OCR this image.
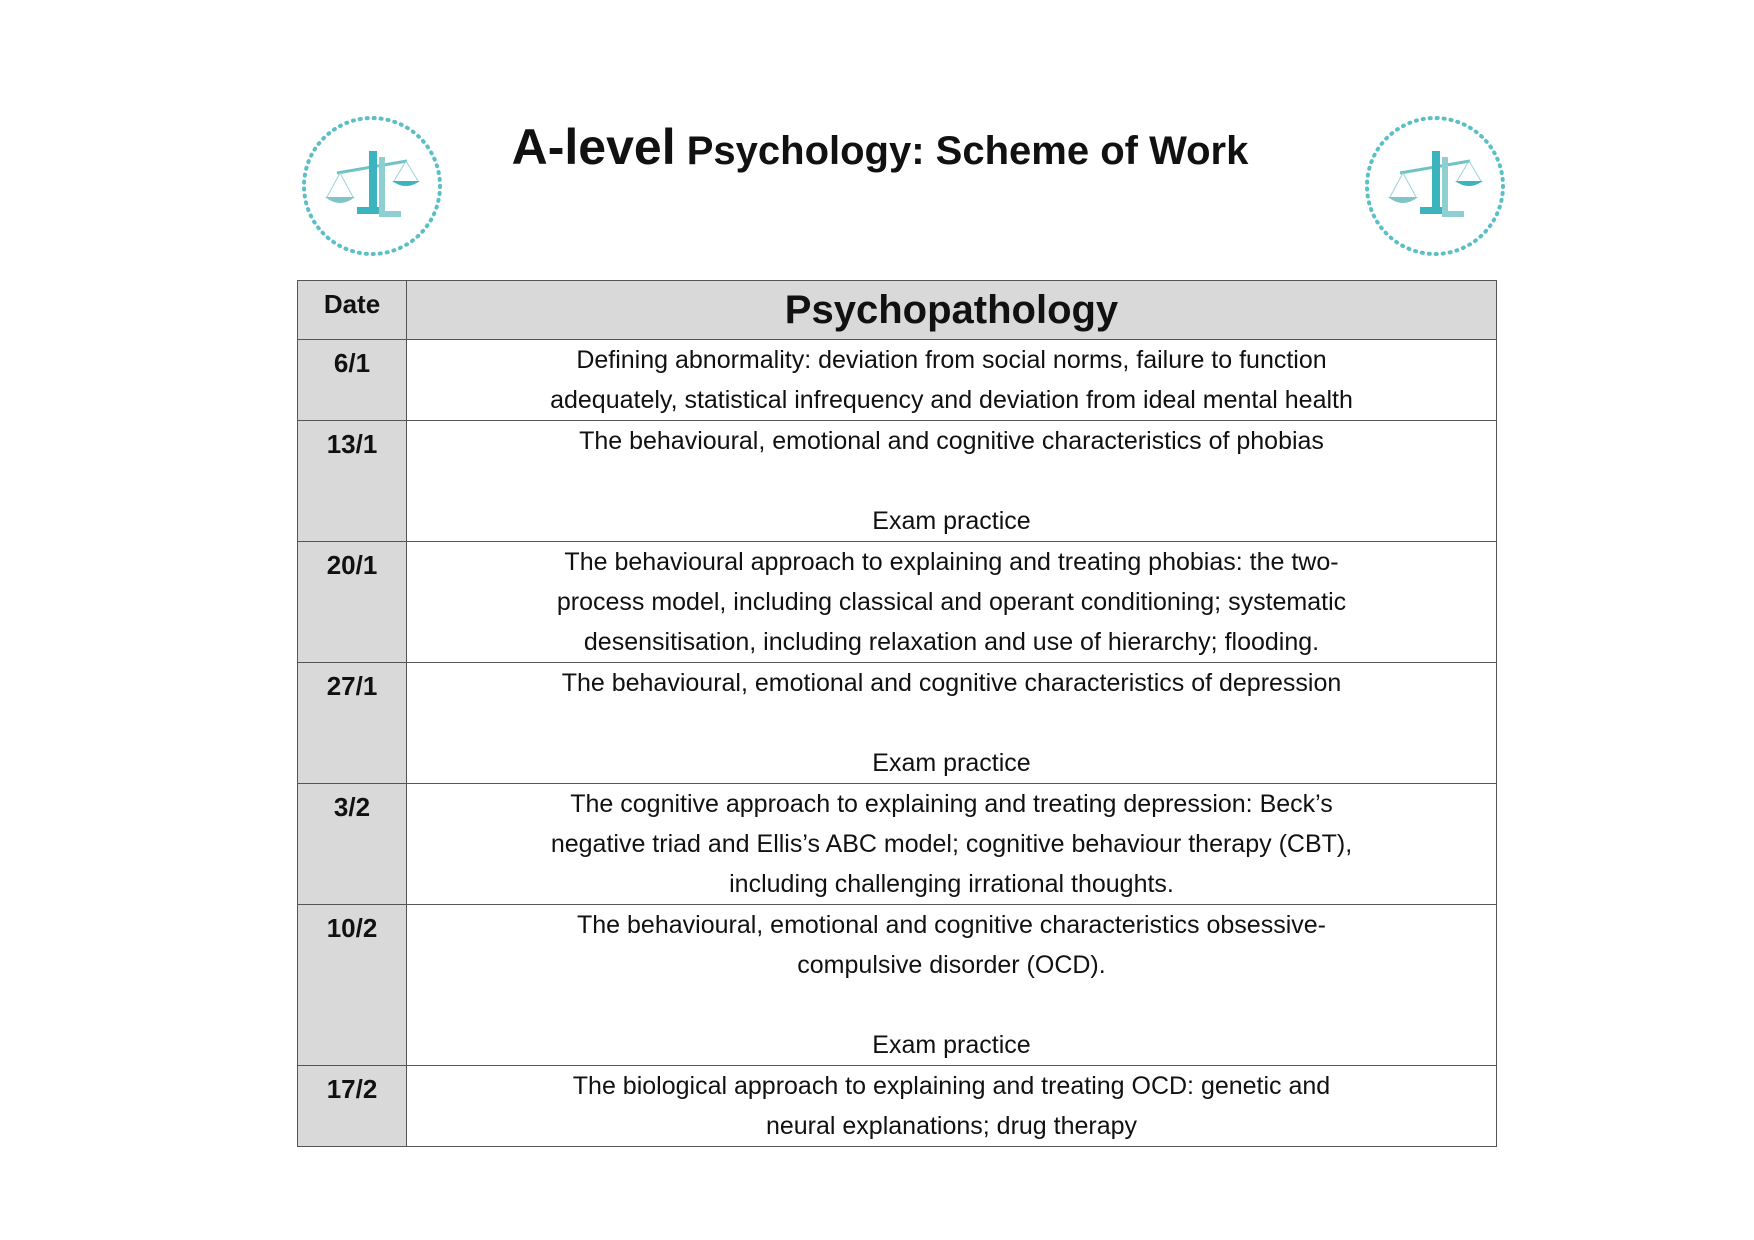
A-level Psychology: Scheme of Work
Date	Psychopathology
6/1	Defining abnormality: deviation from social norms, failure to function
adequately, statistical infrequency and deviation from ideal mental health

13/1	The behavioural, emotional and cognitive characteristics of phobias
Exam practice

20/1	The behavioural approach to explaining and treating phobias: the two-
process model, including classical and operant conditioning; systematic
desensitisation, including relaxation and use of hierarchy; flooding.

27/1	The behavioural, emotional and cognitive characteristics of depression
Exam practice

3/2	The cognitive approach to explaining and treating depression: Beck’s
negative triad and Ellis’s ABC model; cognitive behaviour therapy (CBT),
including challenging irrational thoughts.

10/2	The behavioural, emotional and cognitive characteristics obsessive-
compulsive disorder (OCD).
Exam practice

17/2	The biological approach to explaining and treating OCD: genetic and
neural explanations; drug therapy
